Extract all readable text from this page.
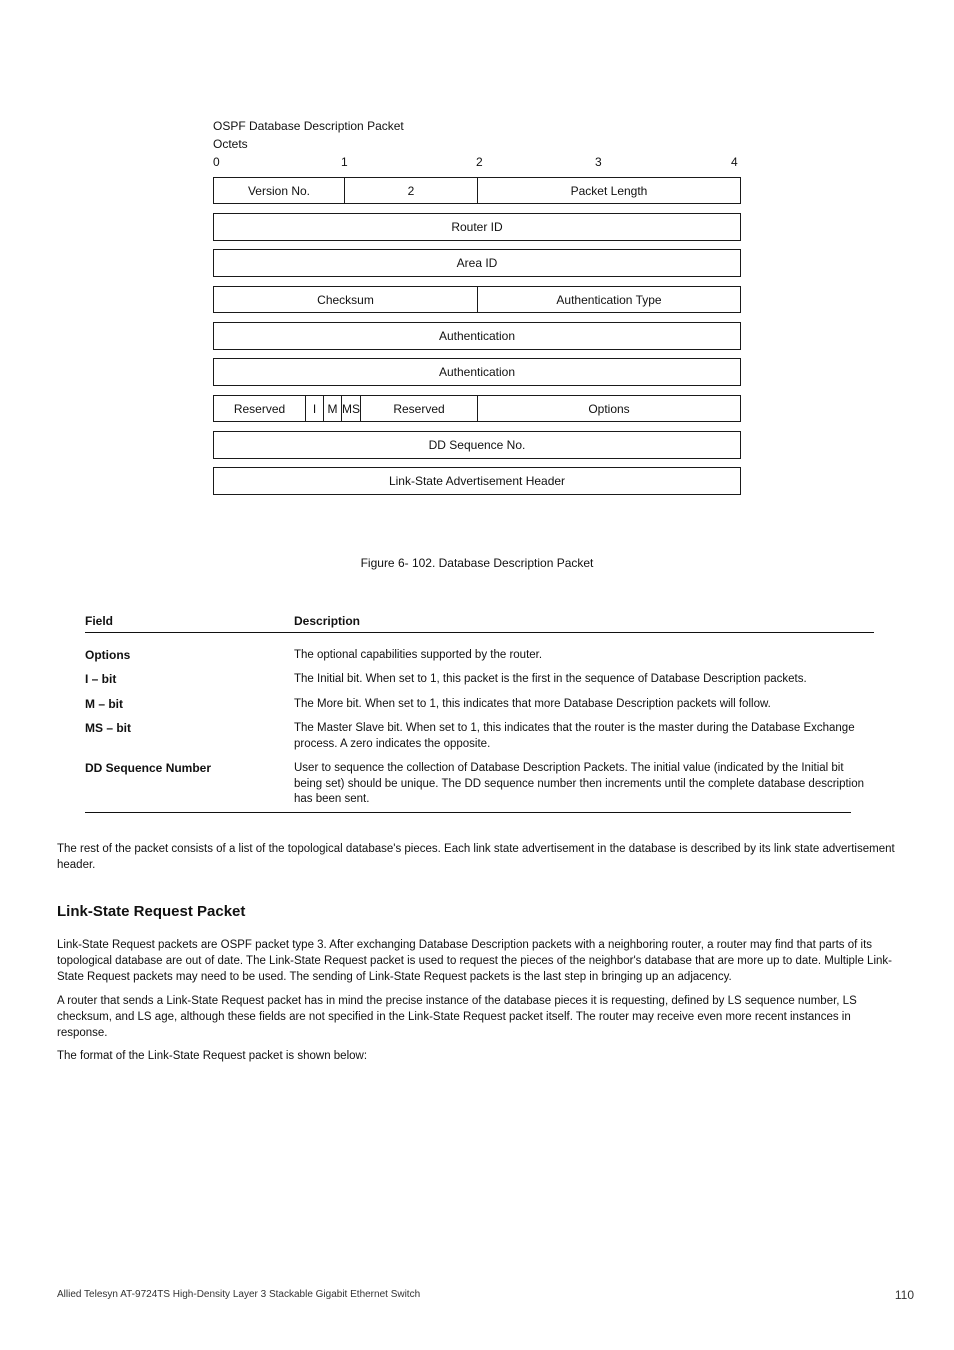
OSPF Database Description Packet
Octets
0	1	2	3	4
Version No.	2	Packet Length
Router ID
Area ID
Checksum	Authentication Type
Authentication
Authentication
Reserved	I M MS	Reserved	Options
DD Sequence No.
Link-State Advertisement Header
Figure 6- 102. Database Description Packet
Field	Description
Options	The optional capabilities supported by the router.
I – bit	The Initial bit. When set to 1, this packet is the first in the sequence of Database Description packets.
M – bit	The More bit. When set to 1, this indicates that more Database Description packets will follow.
MS – bit	The Master Slave bit. When set to 1, this indicates that the router is the master during the Database Exchange process. A zero indicates the opposite.
DD Sequence Number	User to sequence the collection of Database Description Packets. The initial value (indicated by the Initial bit being set) should be unique. The DD sequence number then increments until the complete database description has been sent.
The rest of the packet consists of a list of the topological database's pieces. Each link state advertisement in the database is described by its link state advertisement header.
Link-State Request Packet
Link-State Request packets are OSPF packet type 3. After exchanging Database Description packets with a neighboring router, a router may find that parts of its topological database are out of date. The Link-State Request packet is used to request the pieces of the neighbor's database that are more up to date. Multiple Link-State Request packets may need to be used. The sending of Link-State Request packets is the last step in bringing up an adjacency.
A router that sends a Link-State Request packet has in mind the precise instance of the database pieces it is requesting, defined by LS sequence number, LS checksum, and LS age, although these fields are not specified in the Link-State Request packet itself. The router may receive even more recent instances in response.
The format of the Link-State Request packet is shown below:
Allied Telesyn AT-9724TS High-Density Layer 3 Stackable Gigabit Ethernet Switch	110
